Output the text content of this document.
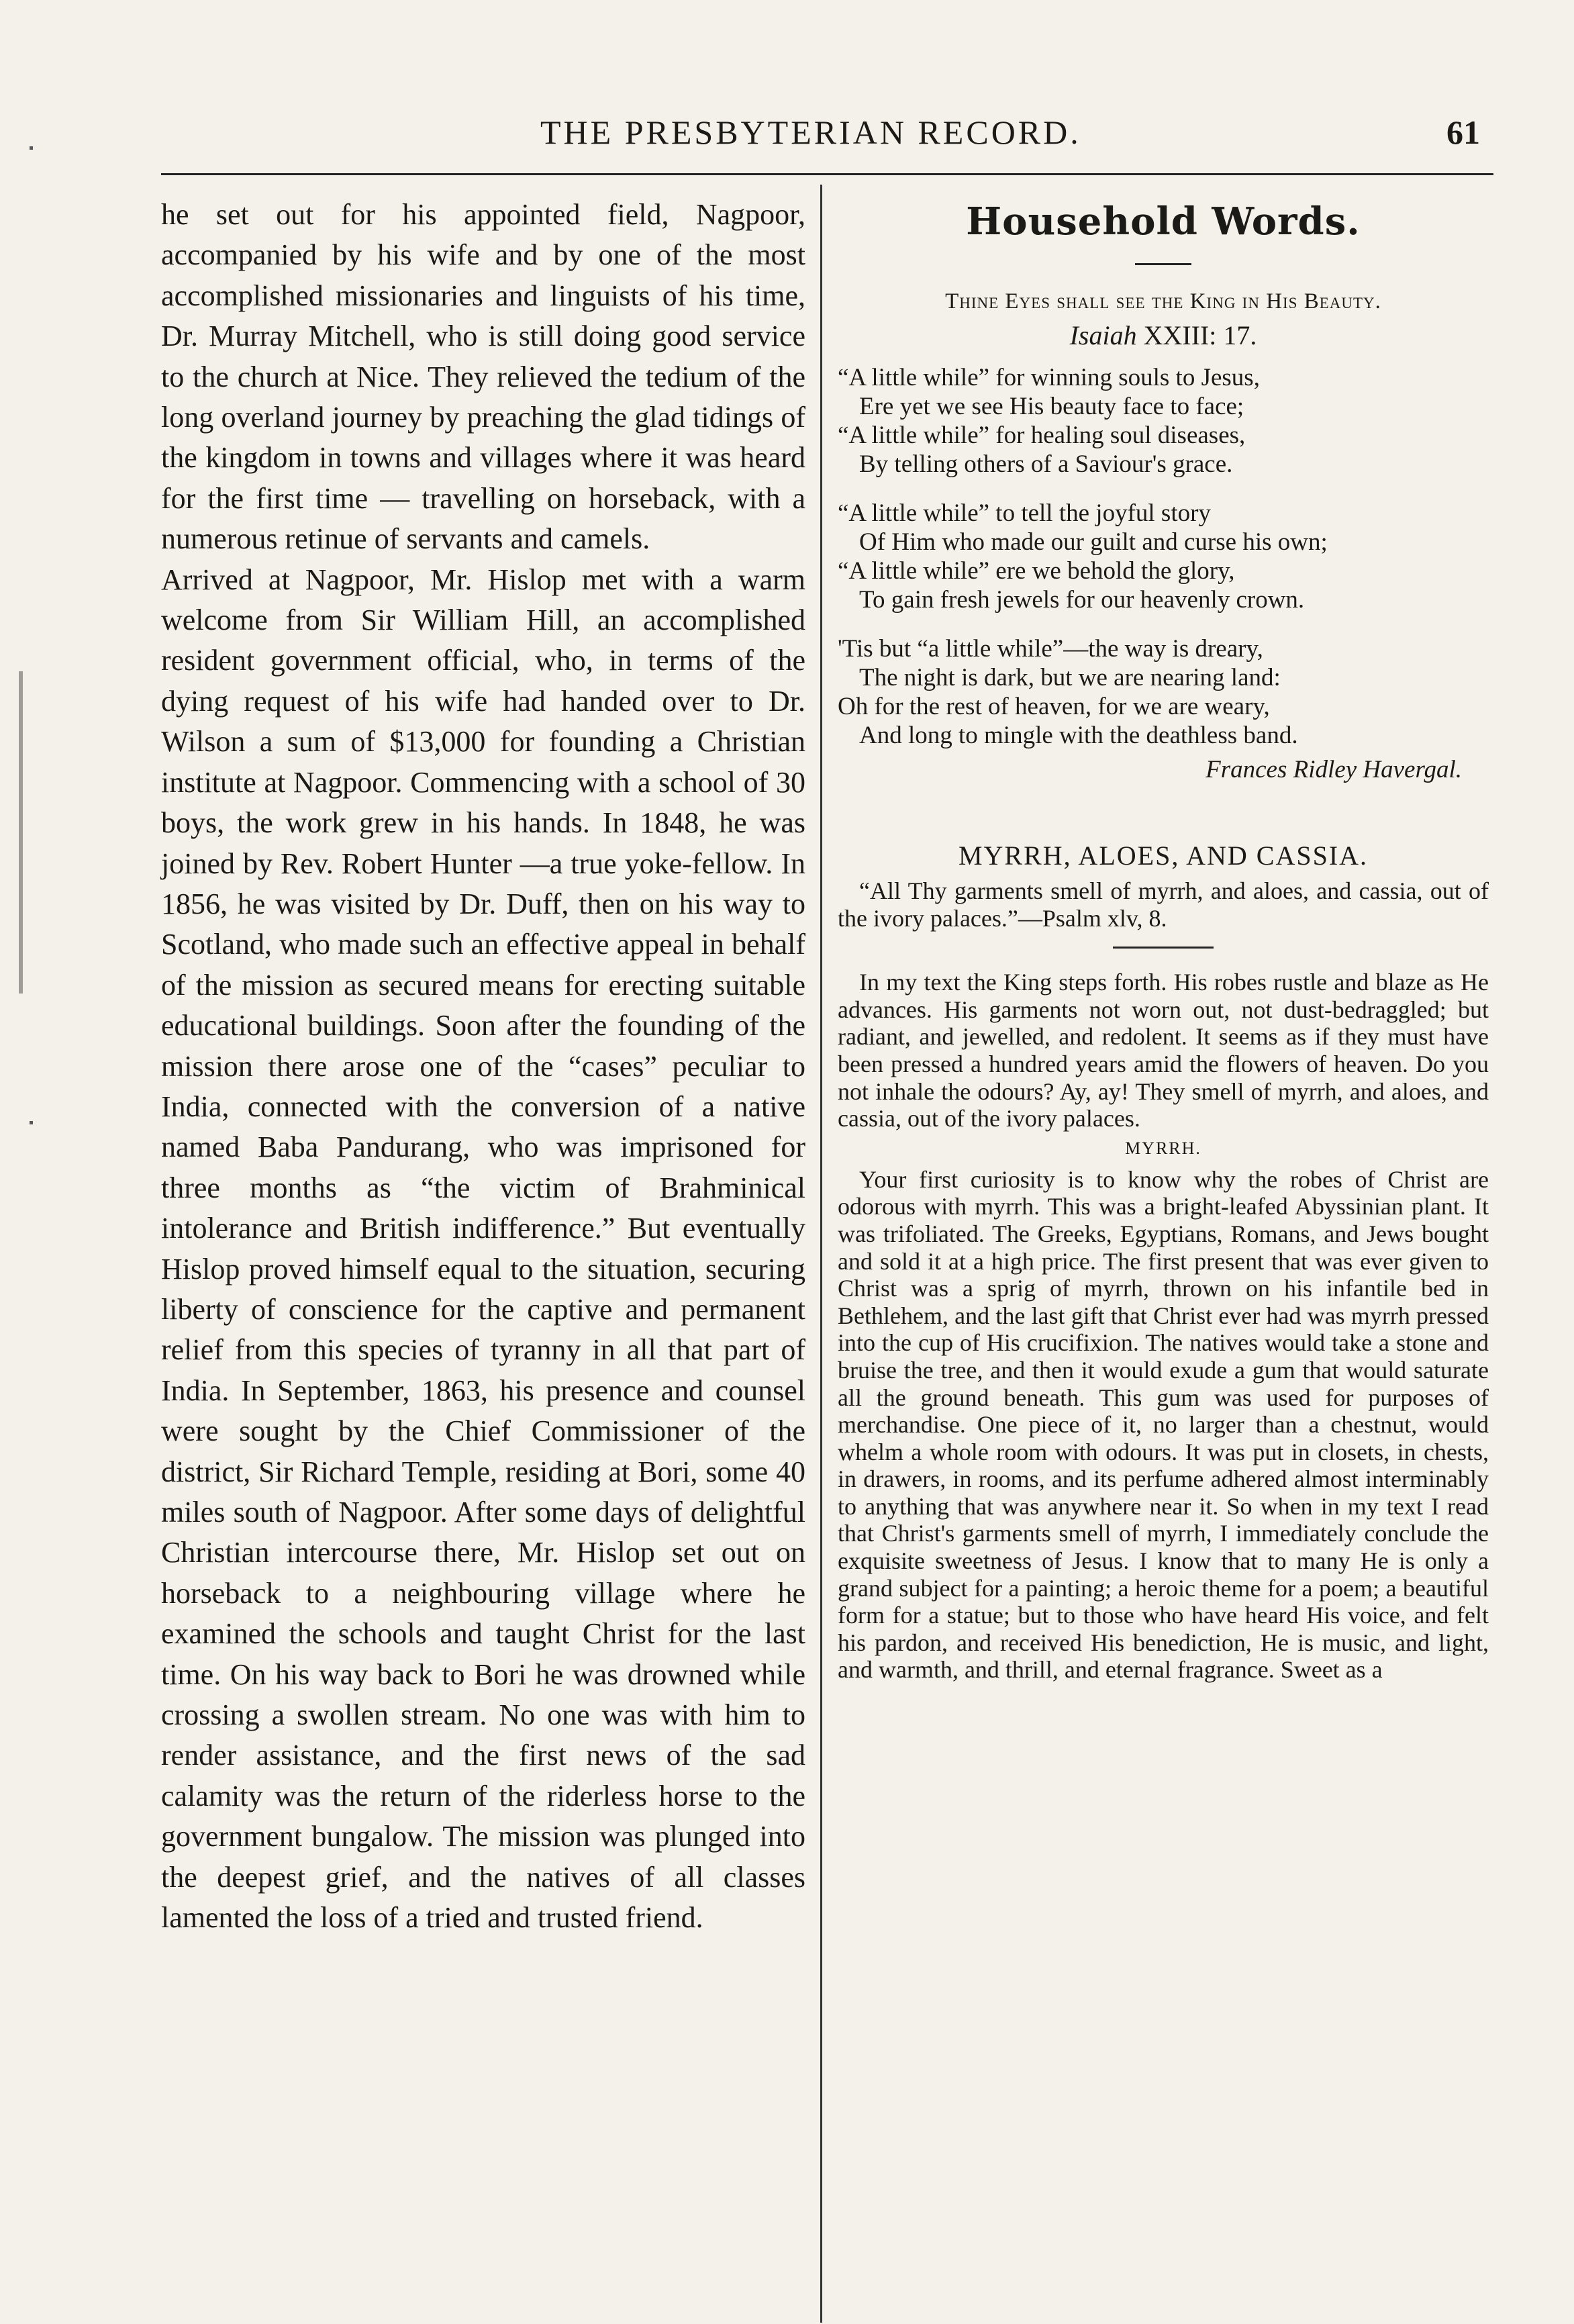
THE PRESBYTERIAN RECORD.	61

he set out for his appointed field, Nagpoor, accompanied by his wife and by one of the most accomplished missionaries and linguists of his time, Dr. Murray Mitchell, who is still doing good service to the church at Nice. They relieved the tedium of the long overland journey by preaching the glad tidings of the kingdom in towns and villages where it was heard for the first time — travelling on horseback, with a numerous retinue of servants and camels.

Arrived at Nagpoor, Mr. Hislop met with a warm welcome from Sir William Hill, an accomplished resident government official, who, in terms of the dying request of his wife had handed over to Dr. Wilson a sum of $13,000 for founding a Christian institute at Nagpoor. Commencing with a school of 30 boys, the work grew in his hands. In 1848, he was joined by Rev. Robert Hunter —a true yoke-fellow. In 1856, he was visited by Dr. Duff, then on his way to Scotland, who made such an effective appeal in behalf of the mission as secured means for erecting suitable educational buildings. Soon after the founding of the mission there arose one of the “cases” peculiar to India, connected with the conversion of a native named Baba Pandurang, who was imprisoned for three months as “the victim of Brahminical intolerance and British indifference.” But eventually Hislop proved himself equal to the situation, securing liberty of conscience for the captive and permanent relief from this species of tyranny in all that part of India. In September, 1863, his presence and counsel were sought by the Chief Commissioner of the district, Sir Richard Temple, residing at Bori, some 40 miles south of Nagpoor. After some days of delightful Christian intercourse there, Mr. Hislop set out on horseback to a neighbouring village where he examined the schools and taught Christ for the last time. On his way back to Bori he was drowned while crossing a swollen stream. No one was with him to render assistance, and the first news of the sad calamity was the return of the riderless horse to the government bungalow. The mission was plunged into the deepest grief, and the natives of all classes lamented the loss of a tried and trusted friend.

Household Words.

Thine Eyes shall see the King in His Beauty.

Isaiah XXIII: 17.

“A little while” for winning souls to Jesus,
Ere yet we see His beauty face to face;
“A little while” for healing soul diseases,
By telling others of a Saviour's grace.
“A little while” to tell the joyful story
Of Him who made our guilt and curse his own;
“A little while” ere we behold the glory,
To gain fresh jewels for our heavenly crown.
'Tis but “a little while”—the way is dreary,
The night is dark, but we are nearing land:
Oh for the rest of heaven, for we are weary,
And long to mingle with the deathless band.

Frances Ridley Havergal.

MYRRH, ALOES, AND CASSIA.

“All Thy garments smell of myrrh, and aloes, and cassia, out of the ivory palaces.”—Psalm xlv, 8.

In my text the King steps forth. His robes rustle and blaze as He advances. His garments not worn out, not dust-bedraggled; but radiant, and jewelled, and redolent. It seems as if they must have been pressed a hundred years amid the flowers of heaven. Do you not inhale the odours? Ay, ay! They smell of myrrh, and aloes, and cassia, out of the ivory palaces.

MYRRH.

Your first curiosity is to know why the robes of Christ are odorous with myrrh. This was a bright-leafed Abyssinian plant. It was trifoliated. The Greeks, Egyptians, Romans, and Jews bought and sold it at a high price. The first present that was ever given to Christ was a sprig of myrrh, thrown on his infantile bed in Bethlehem, and the last gift that Christ ever had was myrrh pressed into the cup of His crucifixion. The natives would take a stone and bruise the tree, and then it would exude a gum that would saturate all the ground beneath. This gum was used for purposes of merchandise. One piece of it, no larger than a chestnut, would whelm a whole room with odours. It was put in closets, in chests, in drawers, in rooms, and its perfume adhered almost interminably to anything that was anywhere near it. So when in my text I read that Christ's garments smell of myrrh, I immediately conclude the exquisite sweetness of Jesus. I know that to many He is only a grand subject for a painting; a heroic theme for a poem; a beautiful form for a statue; but to those who have heard His voice, and felt his pardon, and received His benediction, He is music, and light, and warmth, and thrill, and eternal fragrance. Sweet as a
